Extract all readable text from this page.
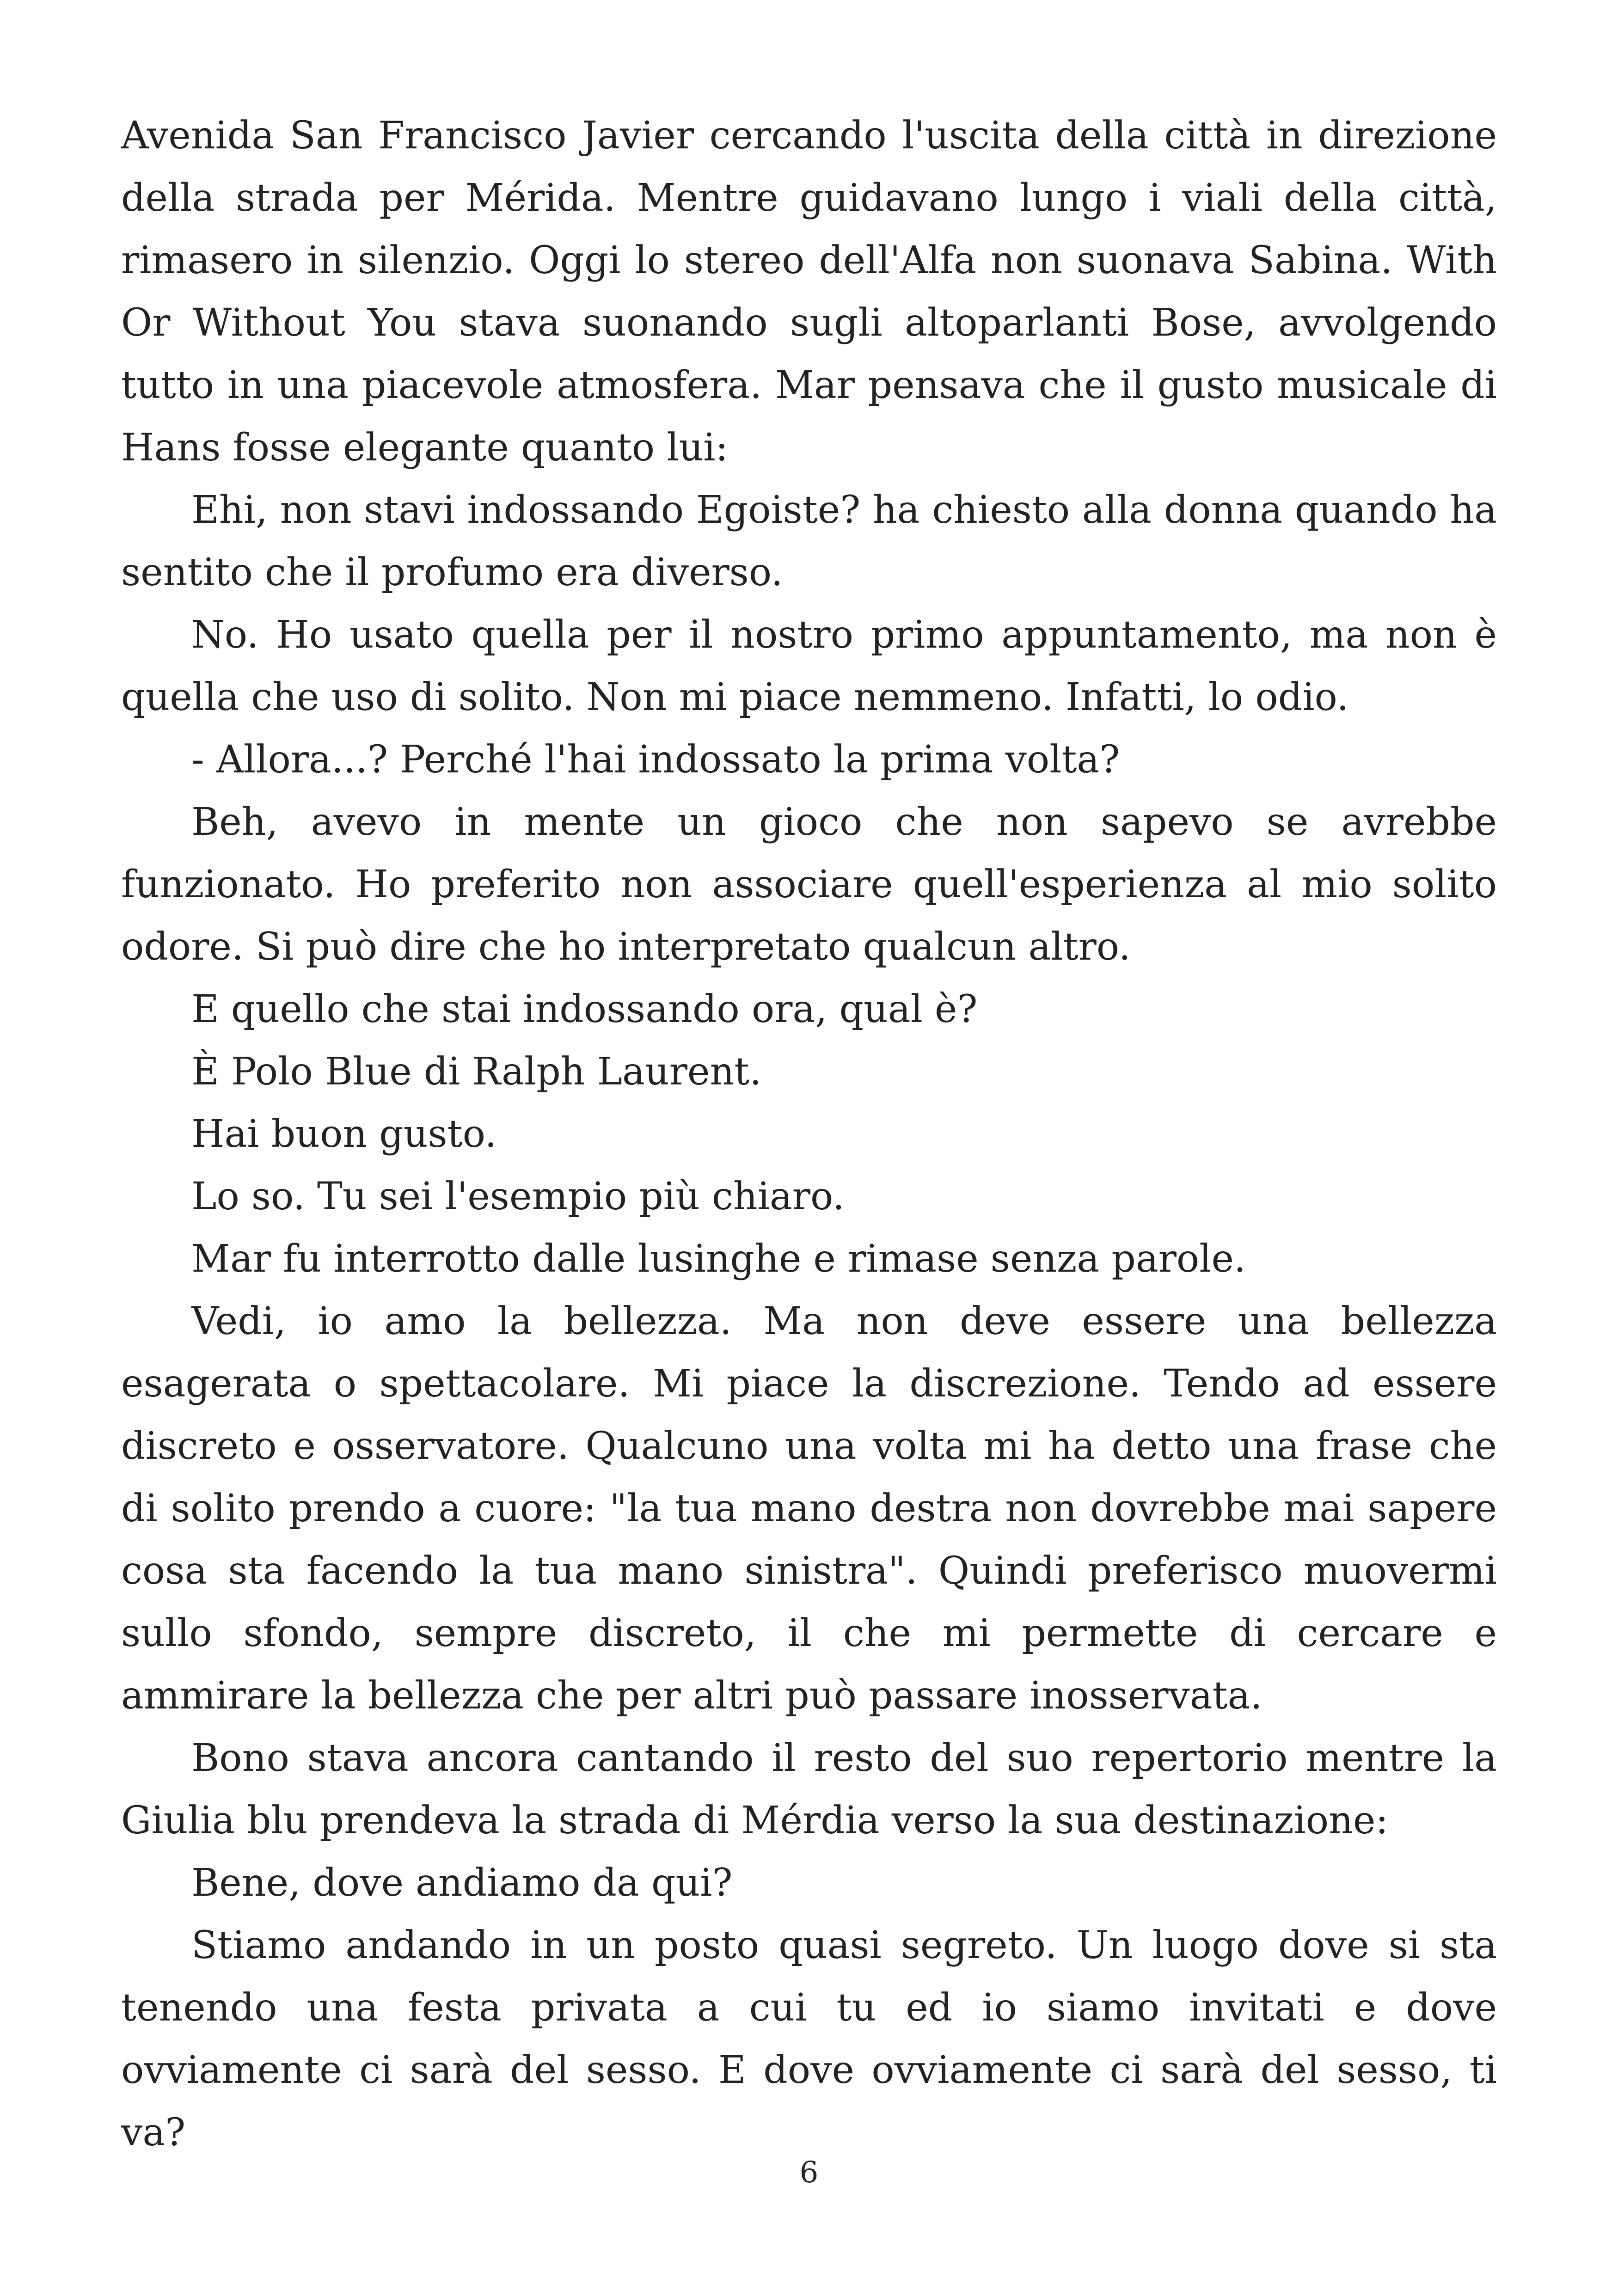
Avenida San Francisco Javier cercando l'uscita della città in direzione della strada per Mérida. Mentre guidavano lungo i viali della città, rimasero in silenzio. Oggi lo stereo dell'Alfa non suonava Sabina. With Or Without You stava suonando sugli altoparlanti Bose, avvolgendo tutto in una piacevole atmosfera. Mar pensava che il gusto musicale di Hans fosse elegante quanto lui:

Ehi, non stavi indossando Egoiste? ha chiesto alla donna quando ha sentito che il profumo era diverso.

No. Ho usato quella per il nostro primo appuntamento, ma non è quella che uso di solito. Non mi piace nemmeno. Infatti, lo odio.

- Allora...? Perché l'hai indossato la prima volta?

Beh, avevo in mente un gioco che non sapevo se avrebbe funzionato. Ho preferito non associare quell'esperienza al mio solito odore. Si può dire che ho interpretato qualcun altro.

E quello che stai indossando ora, qual è?

È Polo Blue di Ralph Laurent.

Hai buon gusto.

Lo so. Tu sei l'esempio più chiaro.

Mar fu interrotto dalle lusinghe e rimase senza parole.

Vedi, io amo la bellezza. Ma non deve essere una bellezza esagerata o spettacolare. Mi piace la discrezione. Tendo ad essere discreto e osservatore. Qualcuno una volta mi ha detto una frase che di solito prendo a cuore: "la tua mano destra non dovrebbe mai sapere cosa sta facendo la tua mano sinistra". Quindi preferisco muovermi sullo sfondo, sempre discreto, il che mi permette di cercare e ammirare la bellezza che per altri può passare inosservata.

Bono stava ancora cantando il resto del suo repertorio mentre la Giulia blu prendeva la strada di Mérdia verso la sua destinazione:

Bene, dove andiamo da qui?

Stiamo andando in un posto quasi segreto. Un luogo dove si sta tenendo una festa privata a cui tu ed io siamo invitati e dove ovviamente ci sarà del sesso. E dove ovviamente ci sarà del sesso, ti va?

6
